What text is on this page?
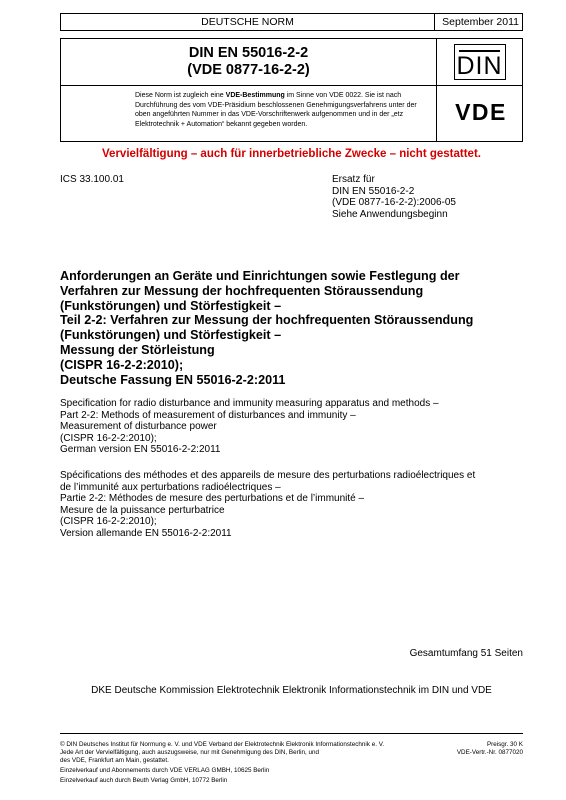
DEUTSCHE NORM	September 2011
DIN EN 55016-2-2
(VDE 0877-16-2-2)
Diese Norm ist zugleich eine VDE-Bestimmung im Sinne von VDE 0022. Sie ist nach Durchführung des vom VDE-Präsidium beschlossenen Genehmigungsverfahrens unter der oben angeführten Nummer in das VDE-Vorschriftenwerk aufgenommen und in der „etz Elektrotechnik + Automation“ bekannt gegeben worden.
DIN
VDE
Vervielfältigung – auch für innerbetriebliche Zwecke – nicht gestattet.
ICS 33.100.01	Ersatz für
DIN EN 55016-2-2
(VDE 0877-16-2-2):2006-05
Siehe Anwendungsbeginn
Anforderungen an Geräte und Einrichtungen sowie Festlegung der
Verfahren zur Messung der hochfrequenten Störaussendung
(Funkstörungen) und Störfestigkeit –
Teil 2-2: Verfahren zur Messung der hochfrequenten Störaussendung
(Funkstörungen) und Störfestigkeit –
Messung der Störleistung
(CISPR 16-2-2:2010);
Deutsche Fassung EN 55016-2-2:2011
Specification for radio disturbance and immunity measuring apparatus and methods –
Part 2-2: Methods of measurement of disturbances and immunity –
Measurement of disturbance power
(CISPR 16-2-2:2010);
German version EN 55016-2-2:2011
Spécifications des méthodes et des appareils de mesure des perturbations radioélectriques et
de l’immunité aux perturbations radioélectriques –
Partie 2-2: Méthodes de mesure des perturbations et de l’immunité –
Mesure de la puissance perturbatrice
(CISPR 16-2-2:2010);
Version allemande EN 55016-2-2:2011
Gesamtumfang 51 Seiten
DKE Deutsche Kommission Elektrotechnik Elektronik Informationstechnik im DIN und VDE
© DIN Deutsches Institut für Normung e. V. und VDE Verband der Elektrotechnik Elektronik Informationstechnik e. V.
Jede Art der Vervielfältigung, auch auszugsweise, nur mit Genehmigung des DIN, Berlin, und
des VDE, Frankfurt am Main, gestattet.
Einzelverkauf und Abonnements durch VDE VERLAG GMBH, 10625 Berlin
Einzelverkauf auch durch Beuth Verlag GmbH, 10772 Berlin
Preisgr. 30 K
VDE-Vertr.-Nr. 0877020
